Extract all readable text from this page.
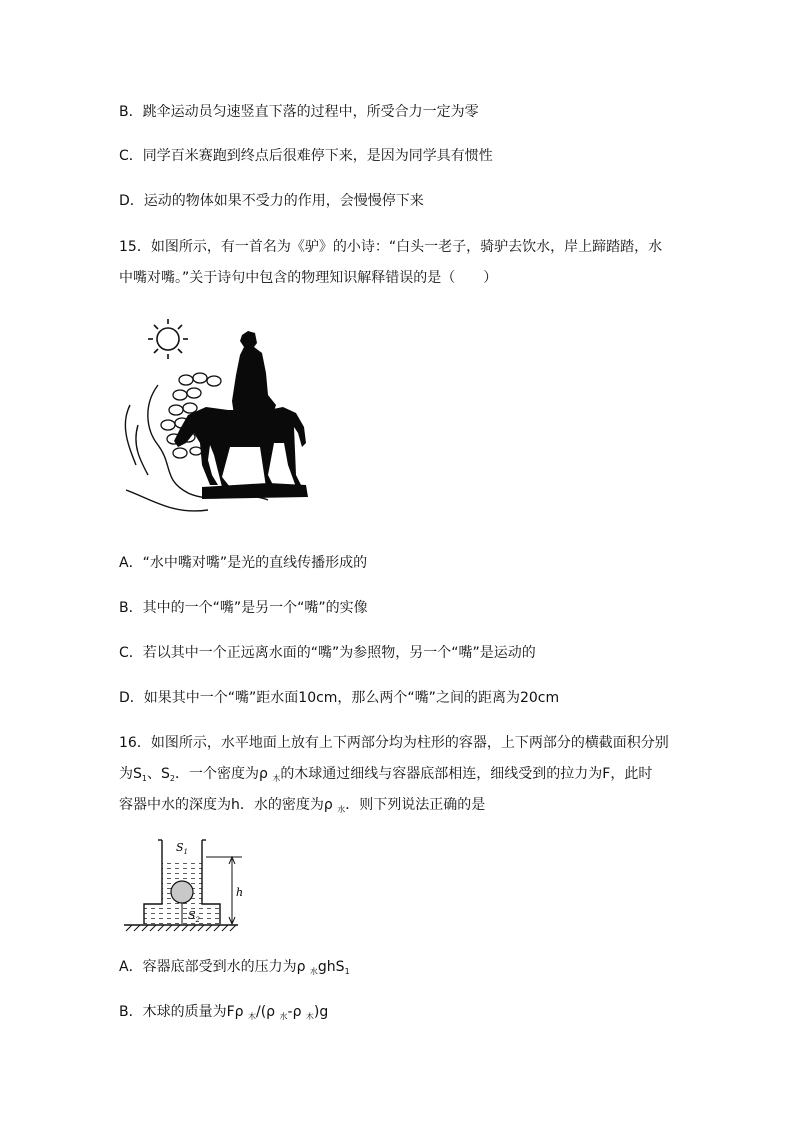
B．跳伞运动员匀速竖直下落的过程中，所受合力一定为零
C．同学百米赛跑到终点后很难停下来，是因为同学具有惯性
D．运动的物体如果不受力的作用，会慢慢停下来
15．如图所示，有一首名为《驴》的小诗：“白头一老子，骑驴去饮水，岸上蹄踏踏，水
中嘴对嘴。”关于诗句中包含的物理知识解释错误的是（　　）
A．“水中嘴对嘴”是光的直线传播形成的
B．其中的一个“嘴”是另一个“嘴”的实像
C．若以其中一个正远离水面的“嘴”为参照物，另一个“嘴”是运动的
D．如果其中一个“嘴”距水面10cm，那么两个“嘴”之间的距离为20cm
16．如图所示，水平地面上放有上下两部分均为柱形的容器，上下两部分的横截面积分别
为$S_1$、$S_2$．一个密度为ρ $_木$的木球通过细线与容器底部相连，细线受到的拉力为F，此时
容器中水的深度为h．水的密度为ρ $_水$．则下列说法正确的是
$S_1$
$S_2$
h
A．容器底部受到水的压力为ρ $_水$ghS$_1$
B．木球的质量为Fρ $_木$/(ρ $_水$-ρ $_木$)g
